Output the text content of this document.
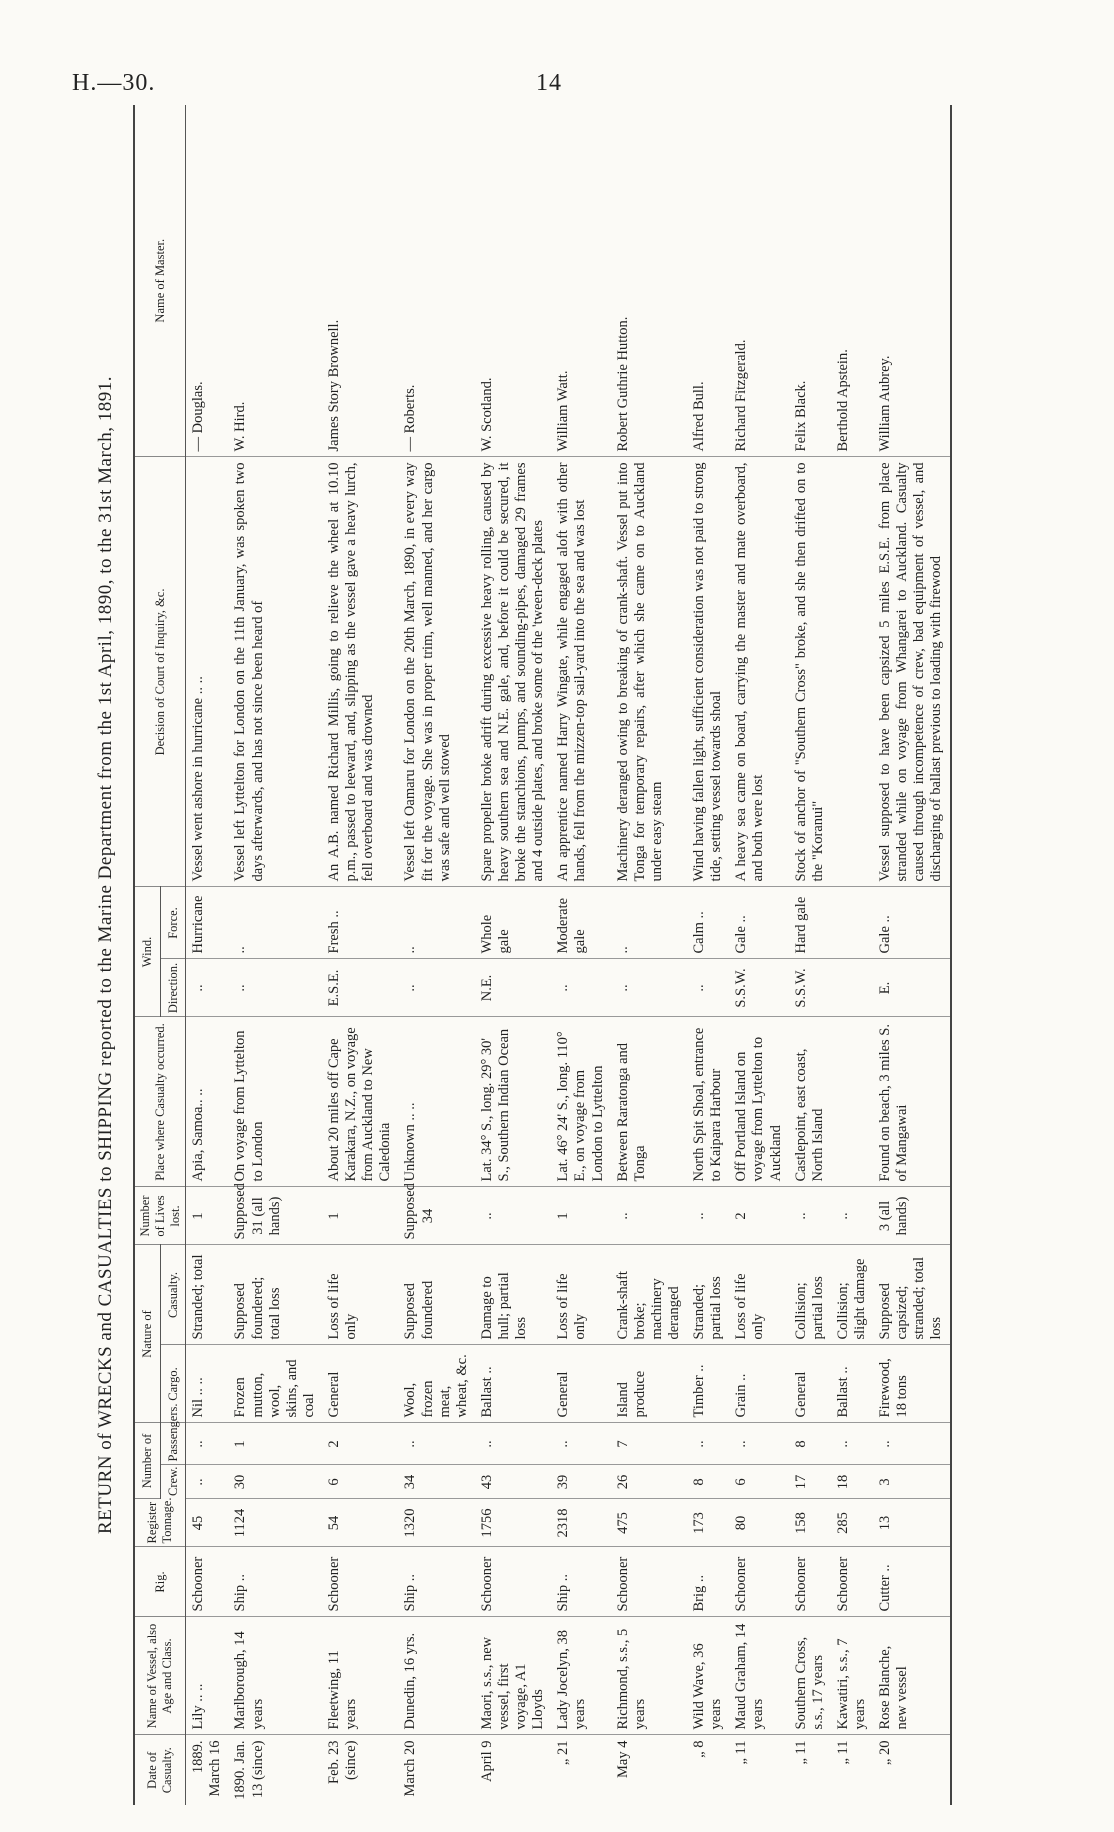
H.—30.	14
RETURN of WRECKS and CASUALTIES to SHIPPING reported to the Marine Department from the 1st April, 1890, to the 31st March, 1891.
Date of Casualty.	Name of Vessel, also Age and Class.	Rig.	Register Tonnage.	Number of		Nature of		Number of Lives lost.	Place where Casualty occurred.	Wind.		Decision of Court of Inquiry, &c.	Name of Master.
				Crew.	Passengers.	Cargo.	Casualty.			Direction.	Force.		
1889. March 16	Lily .. ..	Schooner	45	..	..	Nil .. ..	Stranded; total	1	Apia, Samoa.. ..	..	Hurricane	Vessel went ashore in hurricane .. ..	— Douglas.
1890. Jan. 13 (since)	Marlborough, 14 years	Ship ..	1124	30	1	Frozen mutton, wool, skins, and coal	Supposed foundered; total loss	Supposed 31 (all hands)	On voyage from Lyttelton to London	..	..	Vessel left Lyttelton for London on the 11th January, was spoken two days afterwards, and has not since been heard of	W. Hird.
Feb. 23 (since)	Fleetwing, 11 years	Schooner	54	6	2	General	Loss of life only	1	About 20 miles off Cape Karakara, N.Z., on voyage from Auckland to New Caledonia	E.S.E.	Fresh ..	An A.B. named Richard Millis, going to relieve the wheel at 10.10 p.m., passed to leeward, and, slipping as the vessel gave a heavy lurch, fell overboard and was drowned	James Story Brownell.
March 20	Dunedin, 16 yrs.	Ship ..	1320	34	..	Wool, frozen meat, wheat, &c.	Supposed foundered	Supposed 34	Unknown .. ..	..	..	Vessel left Oamaru for London on the 20th March, 1890, in every way fit for the voyage. She was in proper trim, well manned, and her cargo was safe and well stowed	— Roberts.
April 9	Maori, s.s., new vessel, first voyage, A1 Lloyds	Schooner	1756	43	..	Ballast ..	Damage to hull; partial loss	..	Lat. 34° S., long. 29° 30' S., Southern Indian Ocean	N.E.	Whole gale	Spare propeller broke adrift during excessive heavy rolling, caused by heavy southern sea and N.E. gale, and, before it could be secured, it broke the stanchions, pumps, and sounding-pipes, damaged 29 frames and 4 outside plates, and broke some of the 'tween-deck plates	W. Scotland.
„ 21	Lady Jocelyn, 38 years	Ship ..	2318	39	..	General	Loss of life only	1	Lat. 46° 24' S., long. 110° E., on voyage from London to Lyttelton	..	Moderate gale	An apprentice named Harry Wingate, while engaged aloft with other hands, fell from the mizzen-top sail-yard into the sea and was lost	William Watt.
May 4	Richmond, s.s., 5 years	Schooner	475	26	7	Island produce	Crank-shaft broke; machinery deranged	..	Between Raratonga and Tonga	..	..	Machinery deranged owing to breaking of crank-shaft. Vessel put into Tonga for temporary repairs, after which she came on to Auckland under easy steam	Robert Guthrie Hutton.
„ 8	Wild Wave, 36 years	Brig ..	173	8	..	Timber ..	Stranded; partial loss	..	North Spit Shoal, entrance to Kaipara Harbour	..	Calm ..	Wind having fallen light, sufficient consideration was not paid to strong tide, setting vessel towards shoal	Alfred Bull.
„ 11	Maud Graham, 14 years	Schooner	80	6	..	Grain ..	Loss of life only	2	Off Portland Island on voyage from Lyttelton to Auckland	S.S.W.	Gale ..	A heavy sea came on board, carrying the master and mate overboard, and both were lost	Richard Fitzgerald.
„ 11	Southern Cross, s.s., 17 years	Schooner	158	17	8	General	Collision; partial loss	..	Castlepoint, east coast, North Island	S.S.W.	Hard gale	Stock of anchor of "Southern Cross" broke, and she then drifted on to the "Koranui"	Felix Black.
„ 11	Kawatiri, s.s., 7 years	Schooner	285	18	..	Ballast ..	Collision; slight damage	..					Berthold Apstein.
„ 20	Rose Blanche, new vessel	Cutter ..	13	3	..	Firewood, 18 tons	Supposed capsized; stranded; total loss	3 (all hands)	Found on beach, 3 miles S. of Mangawai	E.	Gale ..	Vessel supposed to have been capsized 5 miles E.S.E. from place stranded while on voyage from Whangarei to Auckland. Casualty caused through incompetence of crew, bad equipment of vessel, and discharging of ballast previous to loading with firewood	William Aubrey.
